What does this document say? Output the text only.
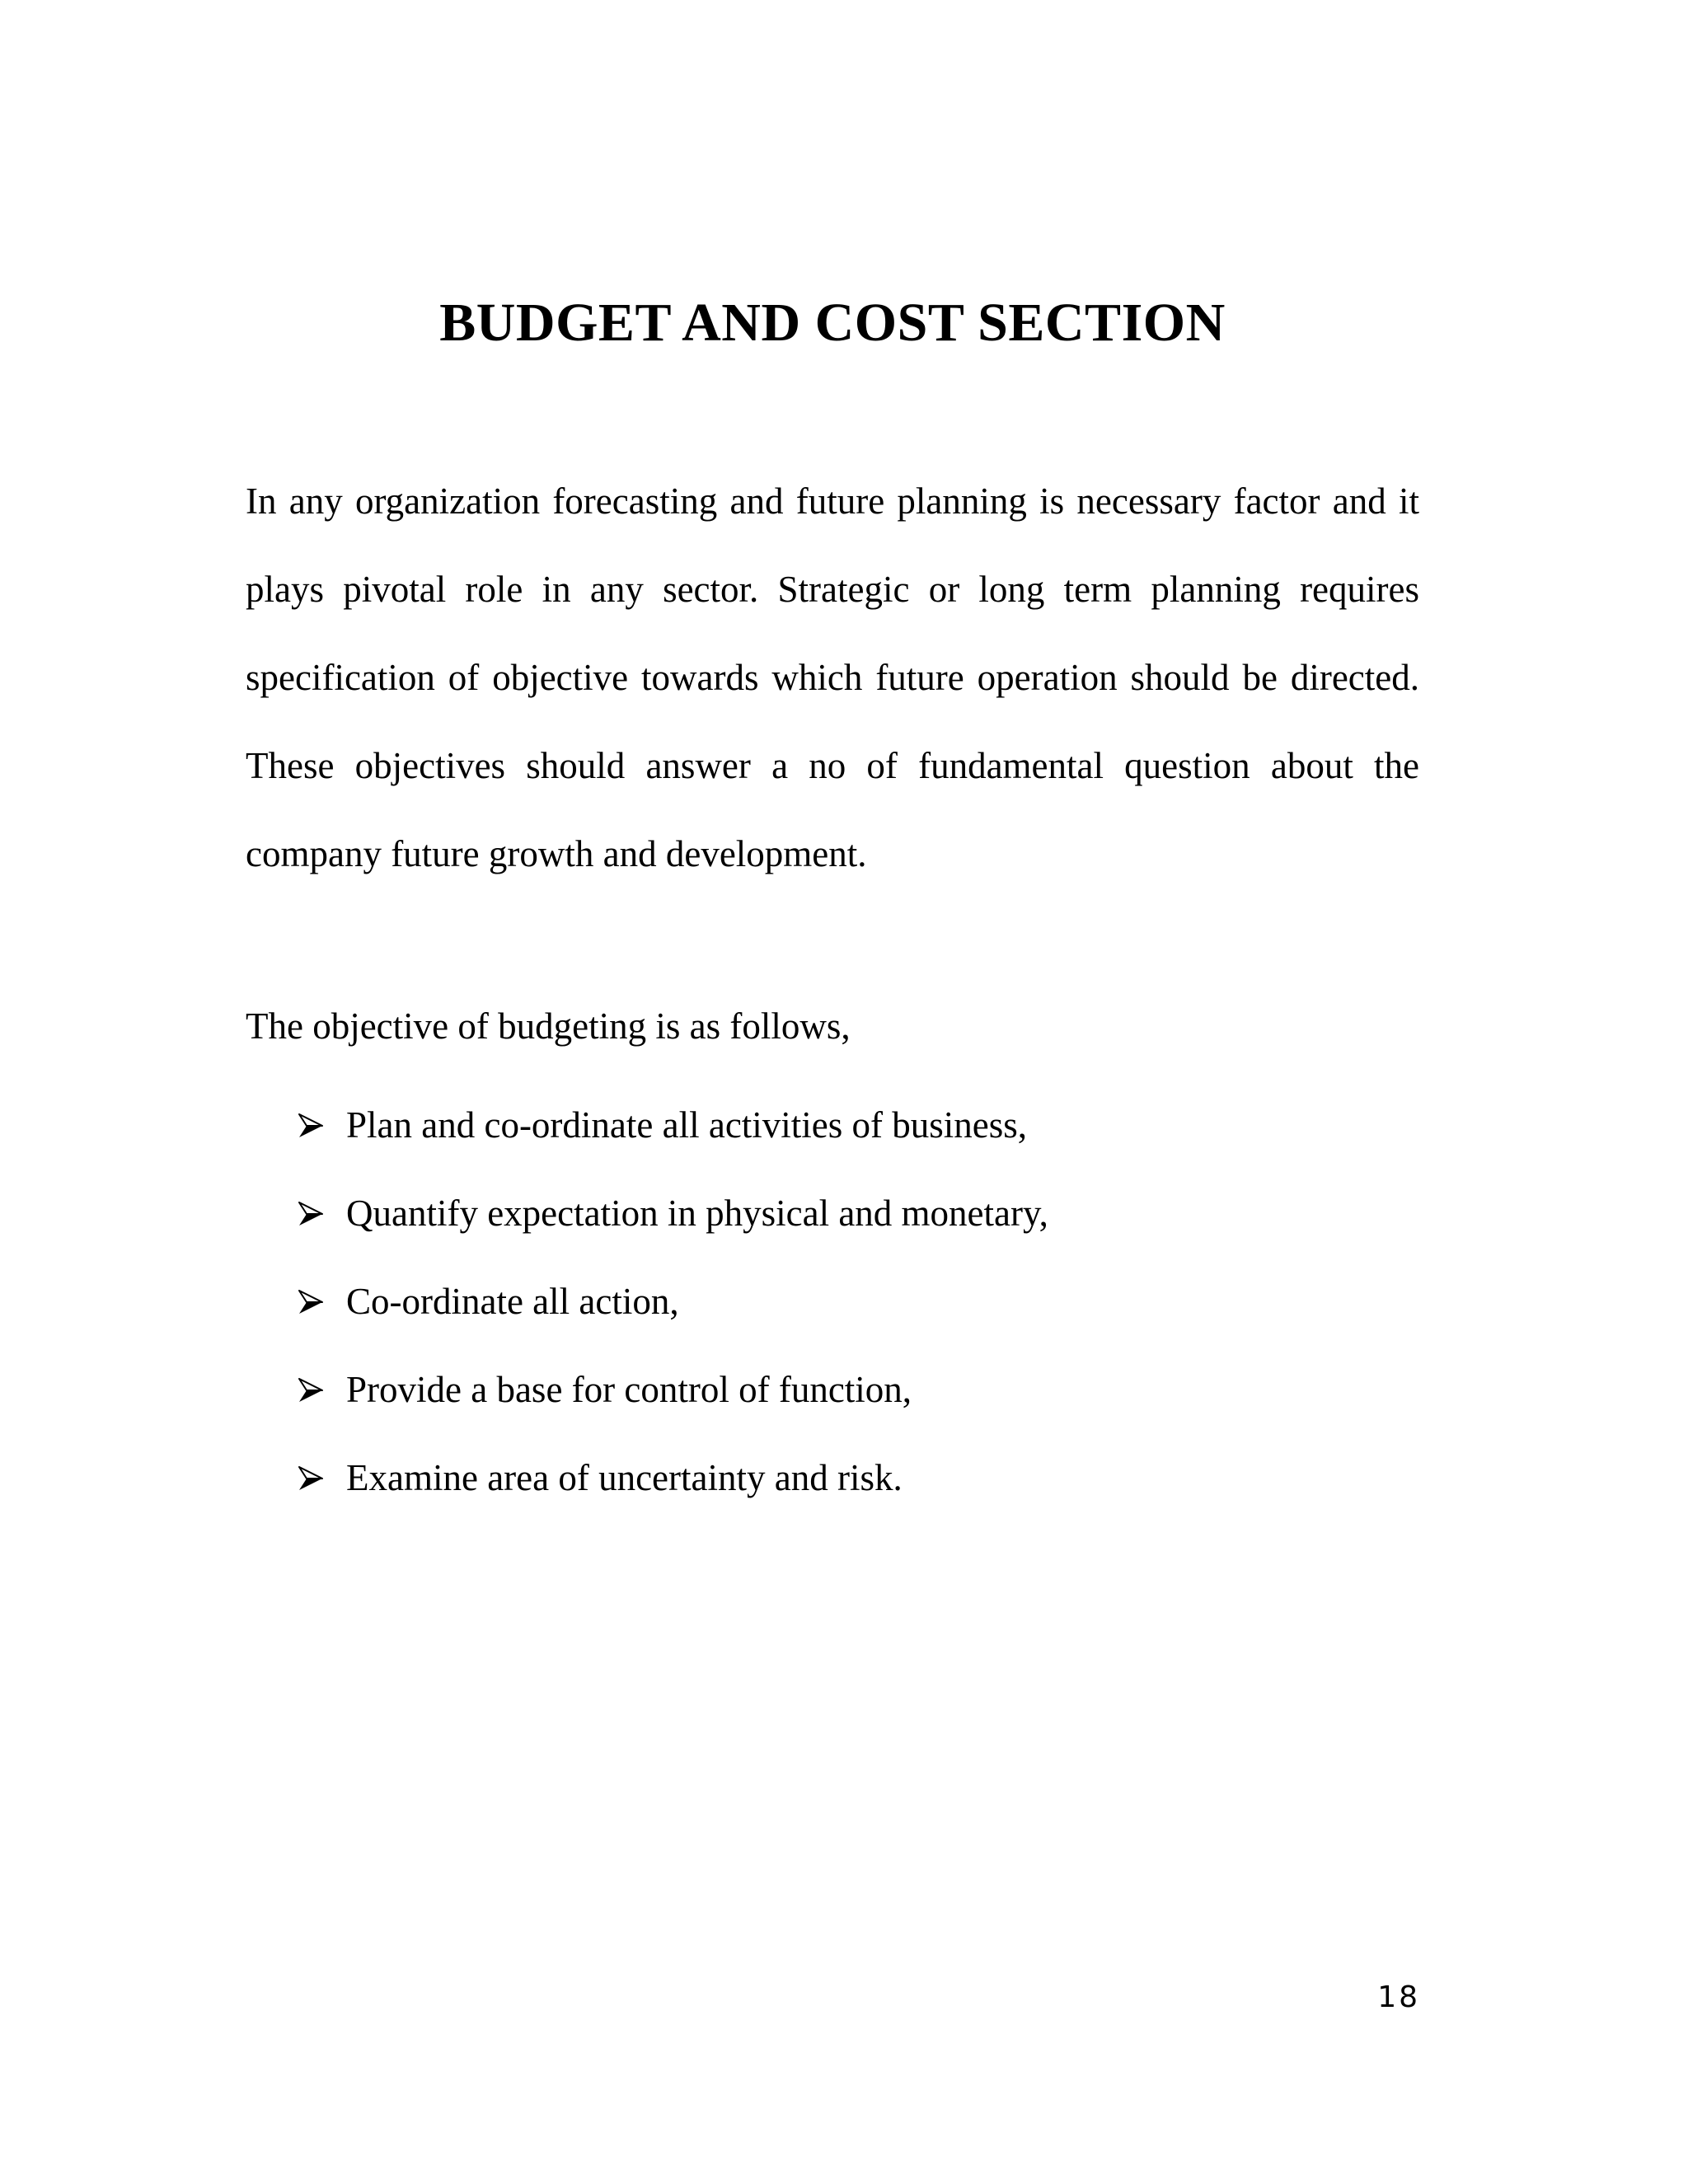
BUDGET AND COST SECTION

In any organization forecasting and future planning is necessary factor and it
plays pivotal role in any sector. Strategic or long term planning requires
specification of objective towards which future operation should be directed.
These objectives should answer a no of fundamental question about the
company future growth and development.

The objective of budgeting is as follows,

Plan and co-ordinate all activities of business,
Quantify expectation in physical and monetary,
Co-ordinate all action,
Provide a base for control of function,
Examine area of uncertainty and risk.
18
